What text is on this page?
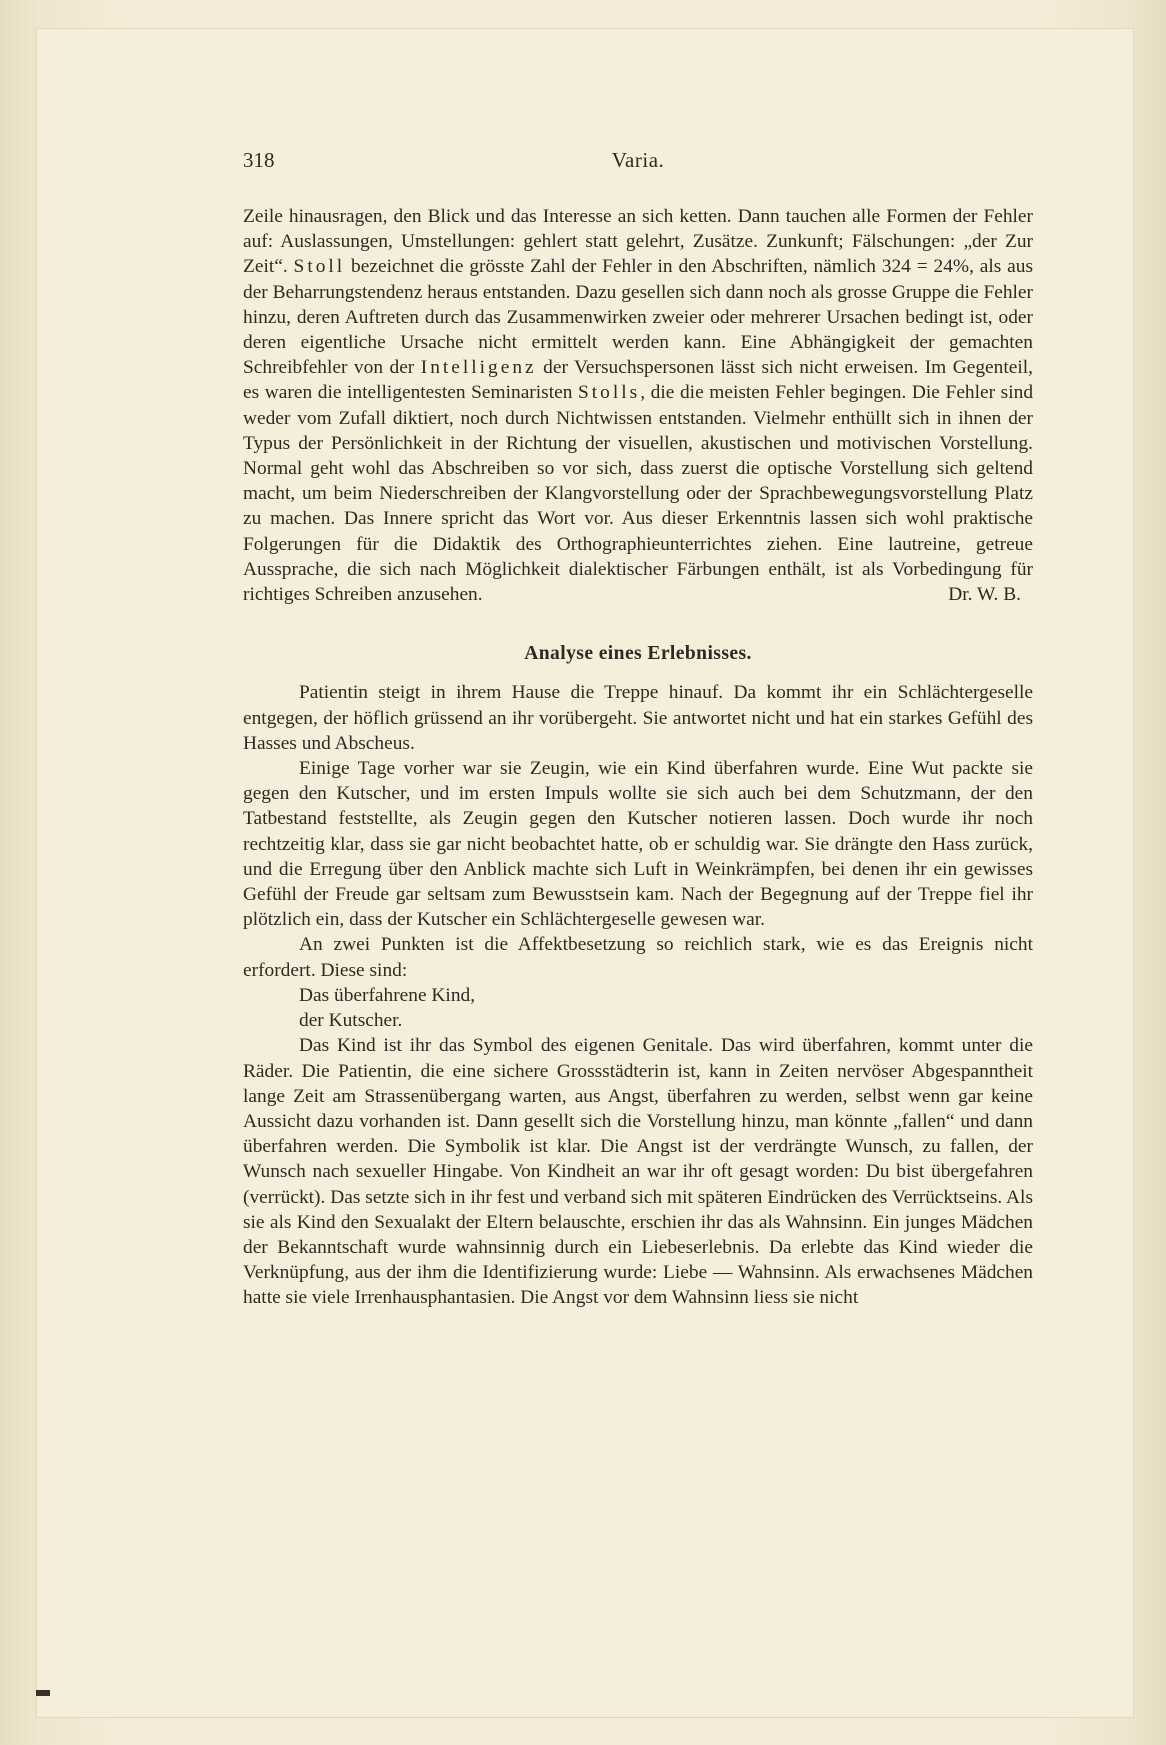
318	Varia.

Zeile hinausragen, den Blick und das Interesse an sich ketten. Dann tauchen alle Formen der Fehler auf: Auslassungen, Umstellungen: gehlert statt gelehrt, Zusätze. Zunkunft; Fälschungen: „der Zur Zeit“. Stoll bezeichnet die grösste Zahl der Fehler in den Abschriften, nämlich 324 = 24%, als aus der Beharrungstendenz heraus entstanden. Dazu gesellen sich dann noch als grosse Gruppe die Fehler hinzu, deren Auftreten durch das Zusammenwirken zweier oder mehrerer Ursachen bedingt ist, oder deren eigentliche Ursache nicht ermittelt werden kann. Eine Abhängigkeit der gemachten Schreibfehler von der Intelligenz der Versuchspersonen lässt sich nicht erweisen. Im Gegenteil, es waren die intelligentesten Seminaristen Stolls, die die meisten Fehler begingen. Die Fehler sind weder vom Zufall diktiert, noch durch Nichtwissen entstanden. Vielmehr enthüllt sich in ihnen der Typus der Persönlichkeit in der Richtung der visuellen, akustischen und motivischen Vorstellung. Normal geht wohl das Abschreiben so vor sich, dass zuerst die optische Vorstellung sich geltend macht, um beim Niederschreiben der Klangvorstellung oder der Sprachbewegungsvorstellung Platz zu machen. Das Innere spricht das Wort vor. Aus dieser Erkenntnis lassen sich wohl praktische Folgerungen für die Didaktik des Orthographieunterrichtes ziehen. Eine lautreine, getreue Aussprache, die sich nach Möglichkeit dialektischer Färbungen enthält, ist als Vorbedingung für richtiges Schreiben anzusehen.	Dr. W. B.

Analyse eines Erlebnisses.

Patientin steigt in ihrem Hause die Treppe hinauf. Da kommt ihr ein Schlächtergeselle entgegen, der höflich grüssend an ihr vorübergeht. Sie antwortet nicht und hat ein starkes Gefühl des Hasses und Abscheus.

Einige Tage vorher war sie Zeugin, wie ein Kind überfahren wurde. Eine Wut packte sie gegen den Kutscher, und im ersten Impuls wollte sie sich auch bei dem Schutzmann, der den Tatbestand feststellte, als Zeugin gegen den Kutscher notieren lassen. Doch wurde ihr noch rechtzeitig klar, dass sie gar nicht beobachtet hatte, ob er schuldig war. Sie drängte den Hass zurück, und die Erregung über den Anblick machte sich Luft in Weinkrämpfen, bei denen ihr ein gewisses Gefühl der Freude gar seltsam zum Bewusstsein kam. Nach der Begegnung auf der Treppe fiel ihr plötzlich ein, dass der Kutscher ein Schlächtergeselle gewesen war.

An zwei Punkten ist die Affektbesetzung so reichlich stark, wie es das Ereignis nicht erfordert. Diese sind:

Das überfahrene Kind,
der Kutscher.

Das Kind ist ihr das Symbol des eigenen Genitale. Das wird überfahren, kommt unter die Räder. Die Patientin, die eine sichere Grossstädterin ist, kann in Zeiten nervöser Abgespanntheit lange Zeit am Strassenübergang warten, aus Angst, überfahren zu werden, selbst wenn gar keine Aussicht dazu vorhanden ist. Dann gesellt sich die Vorstellung hinzu, man könnte „fallen“ und dann überfahren werden. Die Symbolik ist klar. Die Angst ist der verdrängte Wunsch, zu fallen, der Wunsch nach sexueller Hingabe. Von Kindheit an war ihr oft gesagt worden: Du bist übergefahren (verrückt). Das setzte sich in ihr fest und verband sich mit späteren Eindrücken des Verrücktseins. Als sie als Kind den Sexualakt der Eltern belauschte, erschien ihr das als Wahnsinn. Ein junges Mädchen der Bekanntschaft wurde wahnsinnig durch ein Liebeserlebnis. Da erlebte das Kind wieder die Verknüpfung, aus der ihm die Identifizierung wurde: Liebe — Wahnsinn. Als erwachsenes Mädchen hatte sie viele Irrenhausphantasien. Die Angst vor dem Wahnsinn liess sie nicht
